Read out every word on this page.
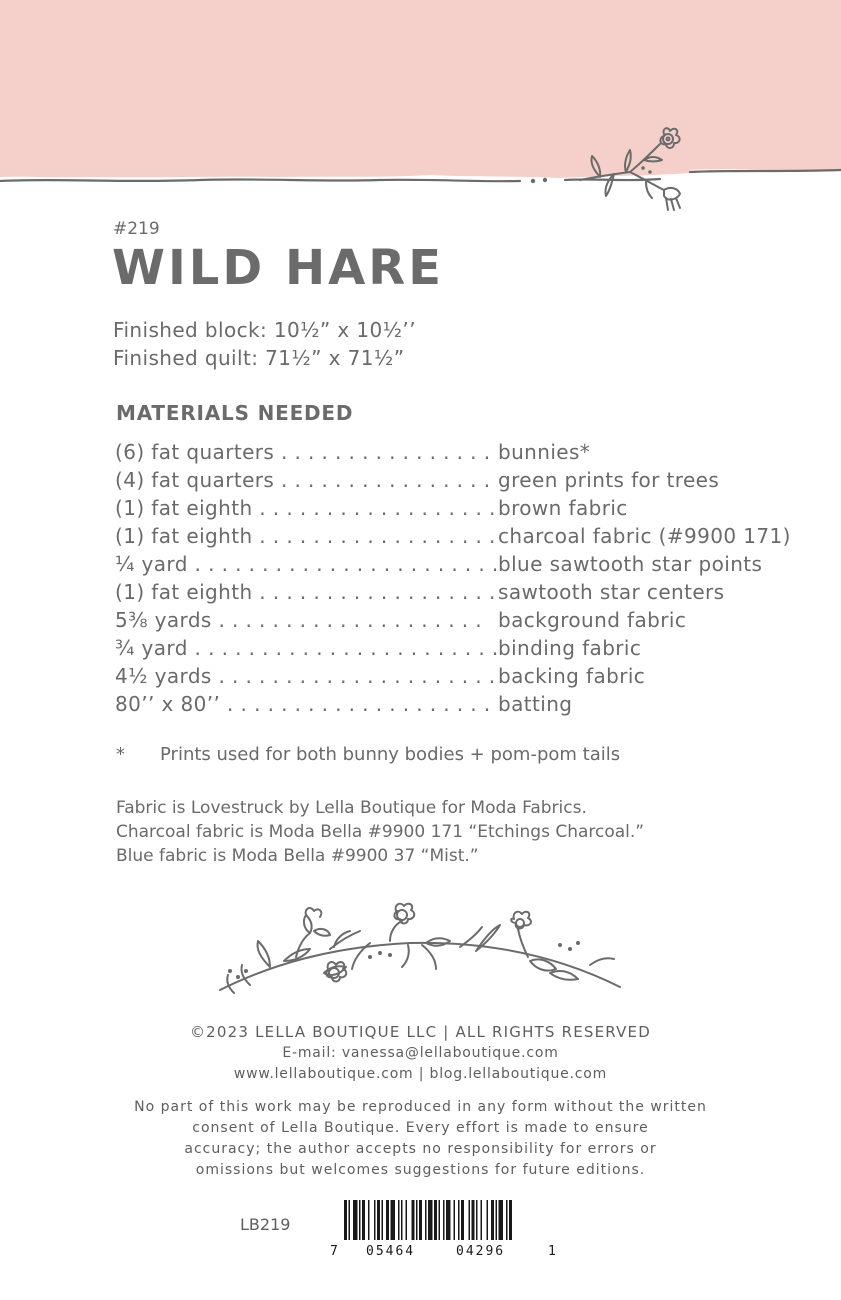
#219
WILD HARE
Finished block: 10½” x 10½’’
Finished quilt: 71½” x 71½”
MATERIALS NEEDED
(6) fat quarters . . . . . . . . . . . . . . . . bunnies*
(4) fat quarters . . . . . . . . . . . . . . . . green prints for trees
(1) fat eighth . . . . . . . . . . . . . . . . . . brown fabric
(1) fat eighth . . . . . . . . . . . . . . . . . . charcoal fabric (#9900 171)
¼ yard . . . . . . . . . . . . . . . . . . . . . . . blue sawtooth star points
(1) fat eighth . . . . . . . . . . . . . . . . . . sawtooth star centers
5⅜ yards . . . . . . . . . . . . . . . . . . . . background fabric
¾ yard . . . . . . . . . . . . . . . . . . . . . . . binding fabric
4½ yards . . . . . . . . . . . . . . . . . . . . . backing fabric
80’’ x 80’’ . . . . . . . . . . . . . . . . . . . . batting
* Prints used for both bunny bodies + pom-pom tails
Fabric is Lovestruck by Lella Boutique for Moda Fabrics.
Charcoal fabric is Moda Bella #9900 171 “Etchings Charcoal.”
Blue fabric is Moda Bella #9900 37 “Mist.”
©2023 LELLA BOUTIQUE LLC | ALL RIGHTS RESERVED
E-mail: vanessa@lellaboutique.com
www.lellaboutique.com | blog.lellaboutique.com
No part of this work may be reproduced in any form without the written
consent of Lella Boutique. Every effort is made to ensure
accuracy; the author accepts no responsibility for errors or
omissions but welcomes suggestions for future editions.
LB219
7 05464	04296	1
